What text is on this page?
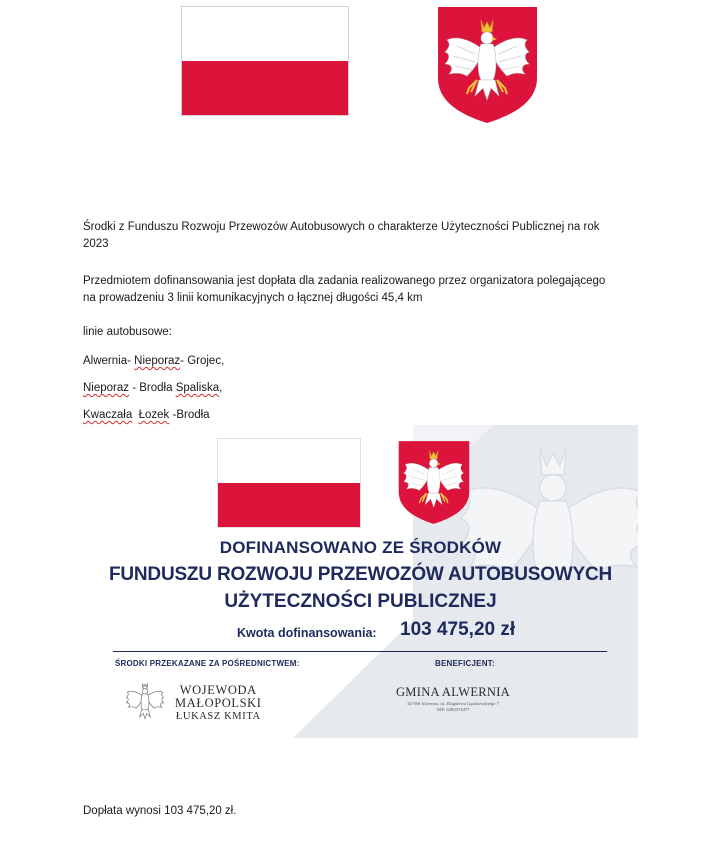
Środki z Funduszu Rozwoju Przewozów Autobusowych o charakterze Użyteczności Publicznej na rok
2023
Przedmiotem dofinansowania jest dopłata dla zadania realizowanego przez organizatora polegającego
na prowadzeniu 3 linii komunikacyjnych o łącznej długości 45,4 km
linie autobusowe:
Alwernia- Nieporaz- Grojec,
Nieporaz - Brodła Spaliska,
Kwaczała Łozek -Brodła
DOFINANSOWANO ZE ŚRODKÓW
FUNDUSZU ROZWOJU PRZEWOZÓW AUTOBUSOWYCH
UŻYTECZNOŚCI PUBLICZNEJ
Kwota dofinansowania: 103 475,20 zł
ŚRODKI PRZEKAZANE ZA POŚREDNICTWEM:	BENEFICJENT:
WOJEWODA
MAŁOPOLSKI
ŁUKASZ KMITA
GMINA ALWERNIA
32-566 Alwernia, ul. Zbigniewa Gęsikowskiego 7
NIP: 6282074477
Dopłata wynosi 103 475,20 zł.
